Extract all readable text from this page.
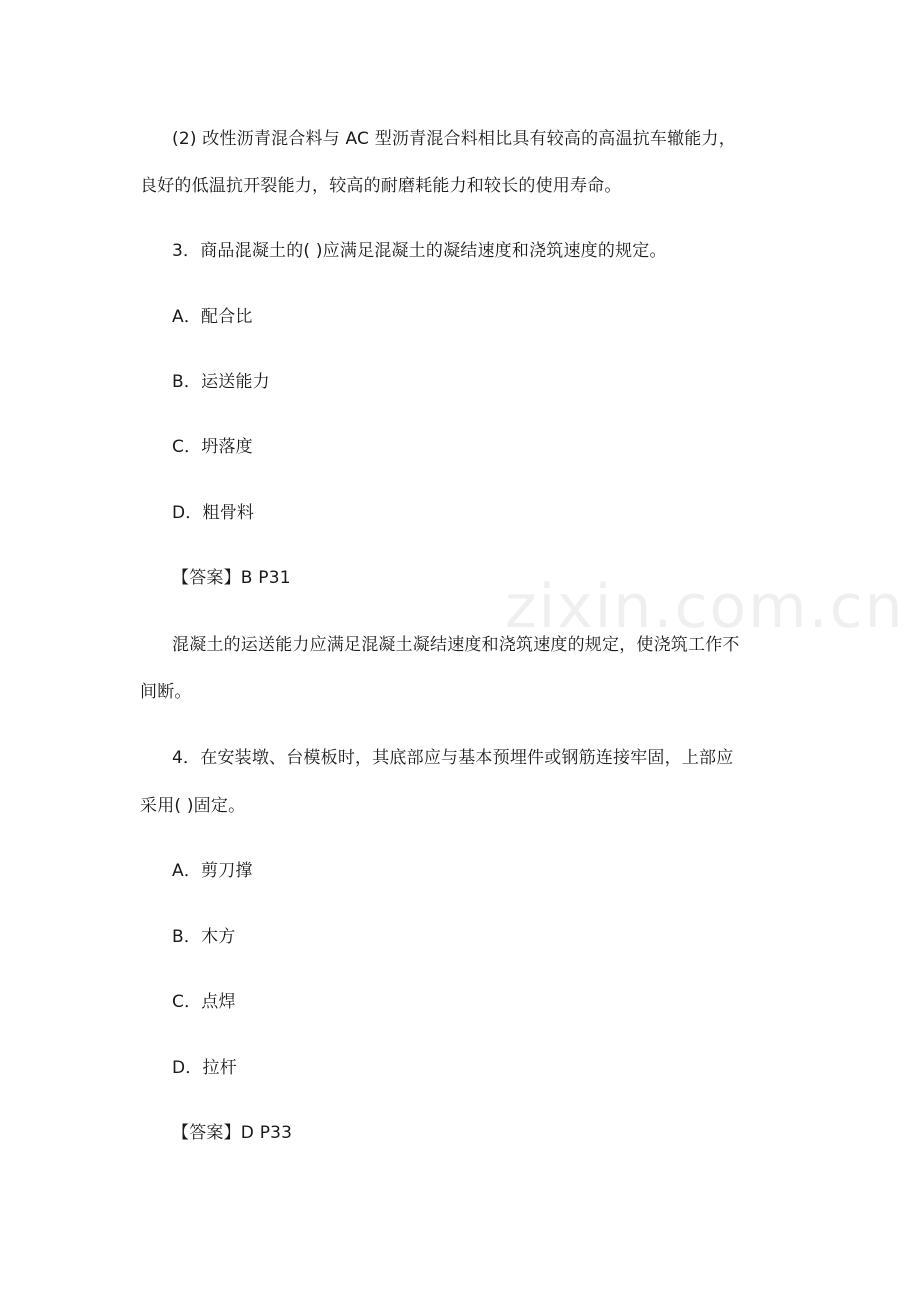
(2) 改性沥青混合料与 AC 型沥青混合料相比具有较高的高温抗车辙能力，
良好的低温抗开裂能力，较高的耐磨耗能力和较长的使用寿命。
3．商品混凝土的( )应满足混凝土的凝结速度和浇筑速度的规定。
A．配合比
B．运送能力
C．坍落度
D．粗骨料
【答案】B P31
混凝土的运送能力应满足混凝土凝结速度和浇筑速度的规定，使浇筑工作不
间断。
4．在安装墩、台模板时，其底部应与基本预埋件或钢筋连接牢固，上部应
采用( )固定。
A．剪刀撑
B．木方
C．点焊
D．拉杆
【答案】D P33
zixin.com.cn
